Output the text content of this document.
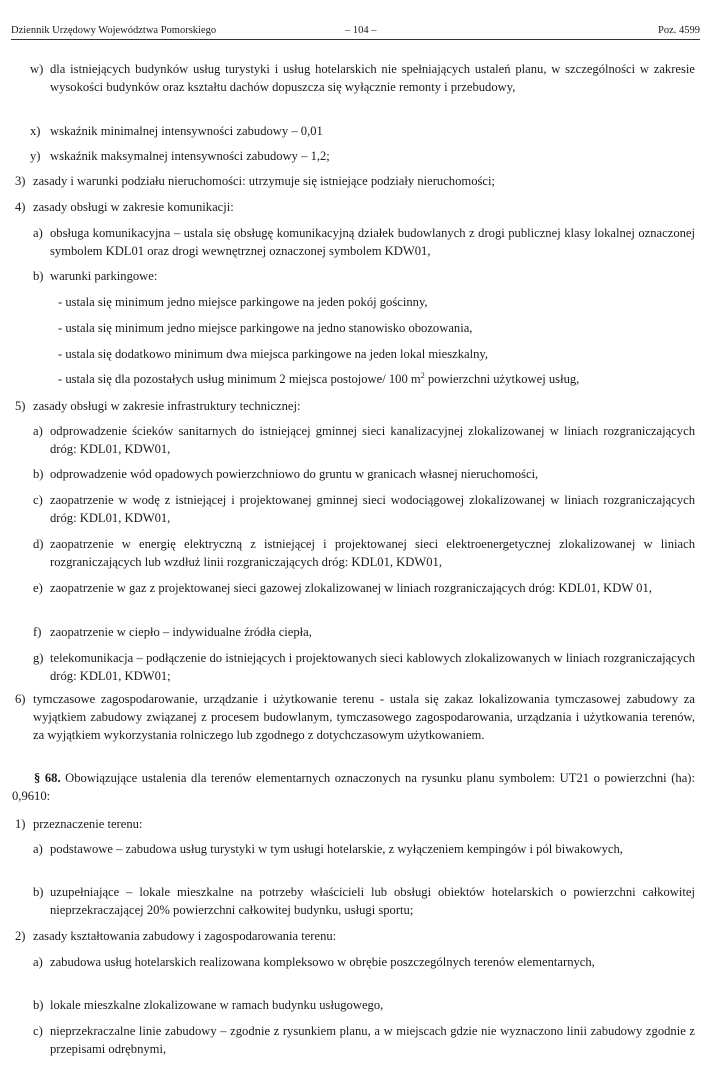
Dziennik Urzędowy Województwa Pomorskiego	– 104 –	Poz. 4599
w) dla istniejących budynków usług turystyki i usług hotelarskich nie spełniających ustaleń planu, w szczególności w zakresie wysokości budynków oraz kształtu dachów dopuszcza się wyłącznie remonty i przebudowy,
x) wskaźnik minimalnej intensywności zabudowy – 0,01
y) wskaźnik maksymalnej intensywności zabudowy – 1,2;
3) zasady i warunki podziału nieruchomości: utrzymuje się istniejące podziały nieruchomości;
4) zasady obsługi w zakresie komunikacji:
a) obsługa komunikacyjna – ustala się obsługę komunikacyjną działek budowlanych z drogi publicznej klasy lokalnej oznaczonej symbolem KDL01 oraz drogi wewnętrznej oznaczonej symbolem KDW01,
b) warunki parkingowe:
- ustala się minimum jedno miejsce parkingowe na jeden pokój gościnny,
- ustala się minimum jedno miejsce parkingowe na jedno stanowisko obozowania,
- ustala się dodatkowo minimum dwa miejsca parkingowe na jeden lokal mieszkalny,
- ustala się dla pozostałych usług minimum 2 miejsca postojowe/ 100 $m^2$ powierzchni użytkowej usług,
5) zasady obsługi w zakresie infrastruktury technicznej:
a) odprowadzenie ścieków sanitarnych do istniejącej gminnej sieci kanalizacyjnej zlokalizowanej w liniach rozgraniczających dróg: KDL01, KDW01,
b) odprowadzenie wód opadowych powierzchniowo do gruntu w granicach własnej nieruchomości,
c) zaopatrzenie w wodę z istniejącej i projektowanej gminnej sieci wodociągowej zlokalizowanej w liniach rozgraniczających dróg: KDL01, KDW01,
d) zaopatrzenie w energię elektryczną z istniejącej i projektowanej sieci elektroenergetycznej zlokalizowanej w liniach rozgraniczających lub wzdłuż linii rozgraniczających dróg: KDL01, KDW01,
e) zaopatrzenie w gaz z projektowanej sieci gazowej zlokalizowanej w liniach rozgraniczających dróg: KDL01, KDW 01,
f) zaopatrzenie w ciepło – indywidualne źródła ciepła,
g) telekomunikacja – podłączenie do istniejących i projektowanych sieci kablowych zlokalizowanych w liniach rozgraniczających dróg: KDL01, KDW01;
6) tymczasowe zagospodarowanie, urządzanie i użytkowanie terenu - ustala się zakaz lokalizowania tymczasowej zabudowy za wyjątkiem zabudowy związanej z procesem budowlanym, tymczasowego zagospodarowania, urządzania i użytkowania terenów, za wyjątkiem wykorzystania rolniczego lub zgodnego z dotychczasowym użytkowaniem.
§ 68. Obowiązujące ustalenia dla terenów elementarnych oznaczonych na rysunku planu symbolem: UT21 o powierzchni (ha): 0,9610:
1) przeznaczenie terenu:
a) podstawowe – zabudowa usług turystyki w tym usługi hotelarskie, z wyłączeniem kempingów i pól biwakowych,
b) uzupełniające – lokale mieszkalne na potrzeby właścicieli lub obsługi obiektów hotelarskich o powierzchni całkowitej nieprzekraczającej 20% powierzchni całkowitej budynku, usługi sportu;
2) zasady kształtowania zabudowy i zagospodarowania terenu:
a) zabudowa usług hotelarskich realizowana kompleksowo w obrębie poszczególnych terenów elementarnych,
b) lokale mieszkalne zlokalizowane w ramach budynku usługowego,
c) nieprzekraczalne linie zabudowy – zgodnie z rysunkiem planu, a w miejscach gdzie nie wyznaczono linii zabudowy zgodnie z przepisami odrębnymi,
